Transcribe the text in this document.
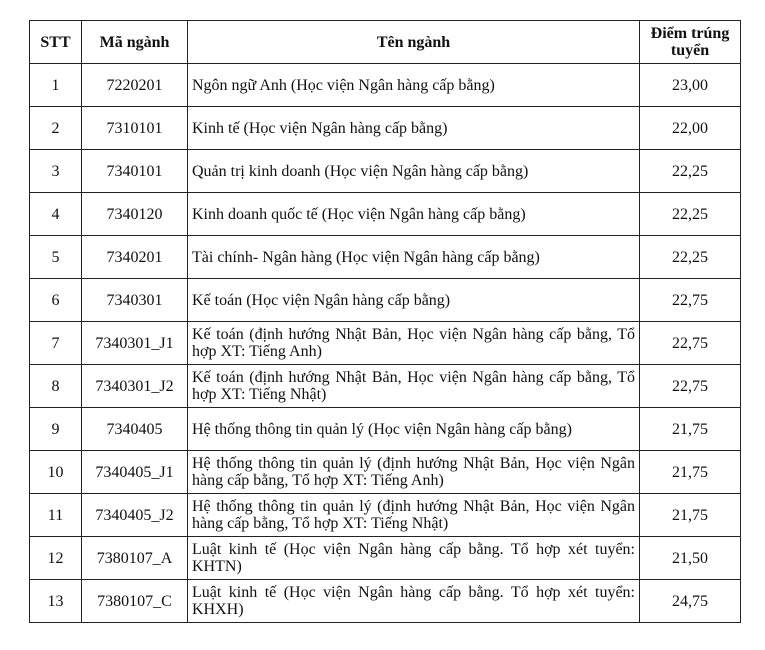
STT	Mã ngành	Tên ngành	Điểm trúng tuyển
1	7220201	Ngôn ngữ Anh (Học viện Ngân hàng cấp bằng)	23,00
2	7310101	Kinh tế (Học viện Ngân hàng cấp bằng)	22,00
3	7340101	Quản trị kinh doanh (Học viện Ngân hàng cấp bằng)	22,25
4	7340120	Kinh doanh quốc tế (Học viện Ngân hàng cấp bằng)	22,25
5	7340201	Tài chính- Ngân hàng (Học viện Ngân hàng cấp bằng)	22,25
6	7340301	Kế toán (Học viện Ngân hàng cấp bằng)	22,75
7	7340301_J1	Kế toán (định hướng Nhật Bản, Học viện Ngân hàng cấp bằng, Tổ hợp XT: Tiếng Anh)	22,75
8	7340301_J2	Kế toán (định hướng Nhật Bản, Học viện Ngân hàng cấp bằng, Tổ hợp XT: Tiếng Nhật)	22,75
9	7340405	Hệ thống thông tin quản lý (Học viện Ngân hàng cấp bằng)	21,75
10	7340405_J1	Hệ thống thông tin quản lý (định hướng Nhật Bản, Học viện Ngân hàng cấp bằng, Tổ hợp XT: Tiếng Anh)	21,75
11	7340405_J2	Hệ thống thông tin quản lý (định hướng Nhật Bản, Học viện Ngân hàng cấp bằng, Tổ hợp XT: Tiếng Nhật)	21,75
12	7380107_A	Luật kinh tế (Học viện Ngân hàng cấp bằng. Tổ hợp xét tuyển: KHTN)	21,50
13	7380107_C	Luật kinh tế (Học viện Ngân hàng cấp bằng. Tổ hợp xét tuyển: KHXH)	24,75
